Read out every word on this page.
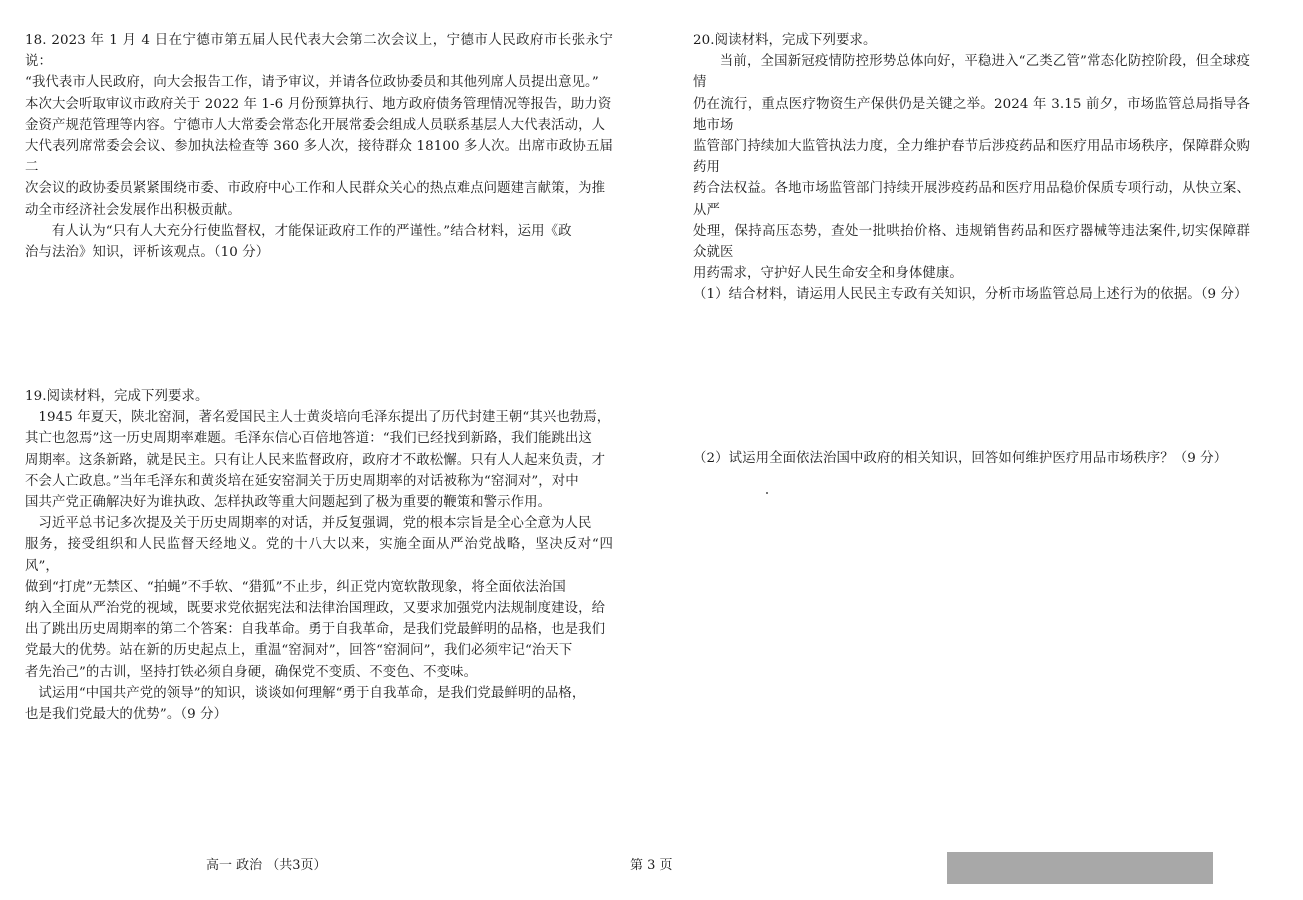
18. 2023 年 1 月 4 日在宁德市第五届人民代表大会第二次会议上，宁德市人民政府市长张永宁说：

“我代表市人民政府，向大会报告工作，请予审议，并请各位政协委员和其他列席人员提出意见。”

本次大会听取审议市政府关于 2022 年 1-6 月份预算执行、地方政府债务管理情况等报告，助力资

金资产规范管理等内容。宁德市人大常委会常态化开展常委会组成人员联系基层人大代表活动，人

大代表列席常委会会议、参加执法检查等 360 多人次，接待群众 18100 多人次。出席市政协五届二

次会议的政协委员紧紧围绕市委、市政府中心工作和人民群众关心的热点难点问题建言献策，为推

动全市经济社会发展作出积极贡献。

有人认为“只有人大充分行使监督权，才能保证政府工作的严谨性。”结合材料，运用《政

治与法治》知识，评析该观点。（10 分）

19.阅读材料，完成下列要求。

1945 年夏天，陕北窑洞，著名爱国民主人士黄炎培向毛泽东提出了历代封建王朝“其兴也勃焉，

其亡也忽焉”这一历史周期率难题。毛泽东信心百倍地答道：“我们已经找到新路，我们能跳出这

周期率。这条新路，就是民主。只有让人民来监督政府，政府才不敢松懈。只有人人起来负责，才

不会人亡政息。”当年毛泽东和黄炎培在延安窑洞关于历史周期率的对话被称为“窑洞对”，对中

国共产党正确解决好为谁执政、怎样执政等重大问题起到了极为重要的鞭策和警示作用。

习近平总书记多次提及关于历史周期率的对话，并反复强调，党的根本宗旨是全心全意为人民

服务，接受组织和人民监督天经地义。党的十八大以来，实施全面从严治党战略，坚决反对“四风”，

做到“打虎”无禁区、“拍蝇”不手软、“猎狐”不止步，纠正党内宽软散现象，将全面依法治国

纳入全面从严治党的视域，既要求党依据宪法和法律治国理政，又要求加强党内法规制度建设，给

出了跳出历史周期率的第二个答案：自我革命。勇于自我革命，是我们党最鲜明的品格，也是我们

党最大的优势。站在新的历史起点上，重温“窑洞对”，回答“窑洞问”，我们必须牢记“治天下

者先治己”的古训，坚持打铁必须自身硬，确保党不变质、不变色、不变味。

试运用“中国共产党的领导”的知识，谈谈如何理解“勇于自我革命，是我们党最鲜明的品格，

也是我们党最大的优势”。（9 分）

20.阅读材料，完成下列要求。

当前，全国新冠疫情防控形势总体向好，平稳进入“乙类乙管”常态化防控阶段，但全球疫情

仍在流行，重点医疗物资生产保供仍是关键之举。2024 年 3.15 前夕，市场监管总局指导各地市场

监管部门持续加大监管执法力度，全力维护春节后涉疫药品和医疗用品市场秩序，保障群众购药用

药合法权益。各地市场监管部门持续开展涉疫药品和医疗用品稳价保质专项行动，从快立案、从严

处理，保持高压态势，查处一批哄抬价格、违规销售药品和医疗器械等违法案件,切实保障群众就医

用药需求，守护好人民生命安全和身体健康。

（1）结合材料，请运用人民民主专政有关知识，分析市场监管总局上述行为的依据。（9 分）

（2）试运用全面依法治国中政府的相关知识，回答如何维护医疗用品市场秩序？（9 分）

高一 政治 （共3页）	第 3 页
